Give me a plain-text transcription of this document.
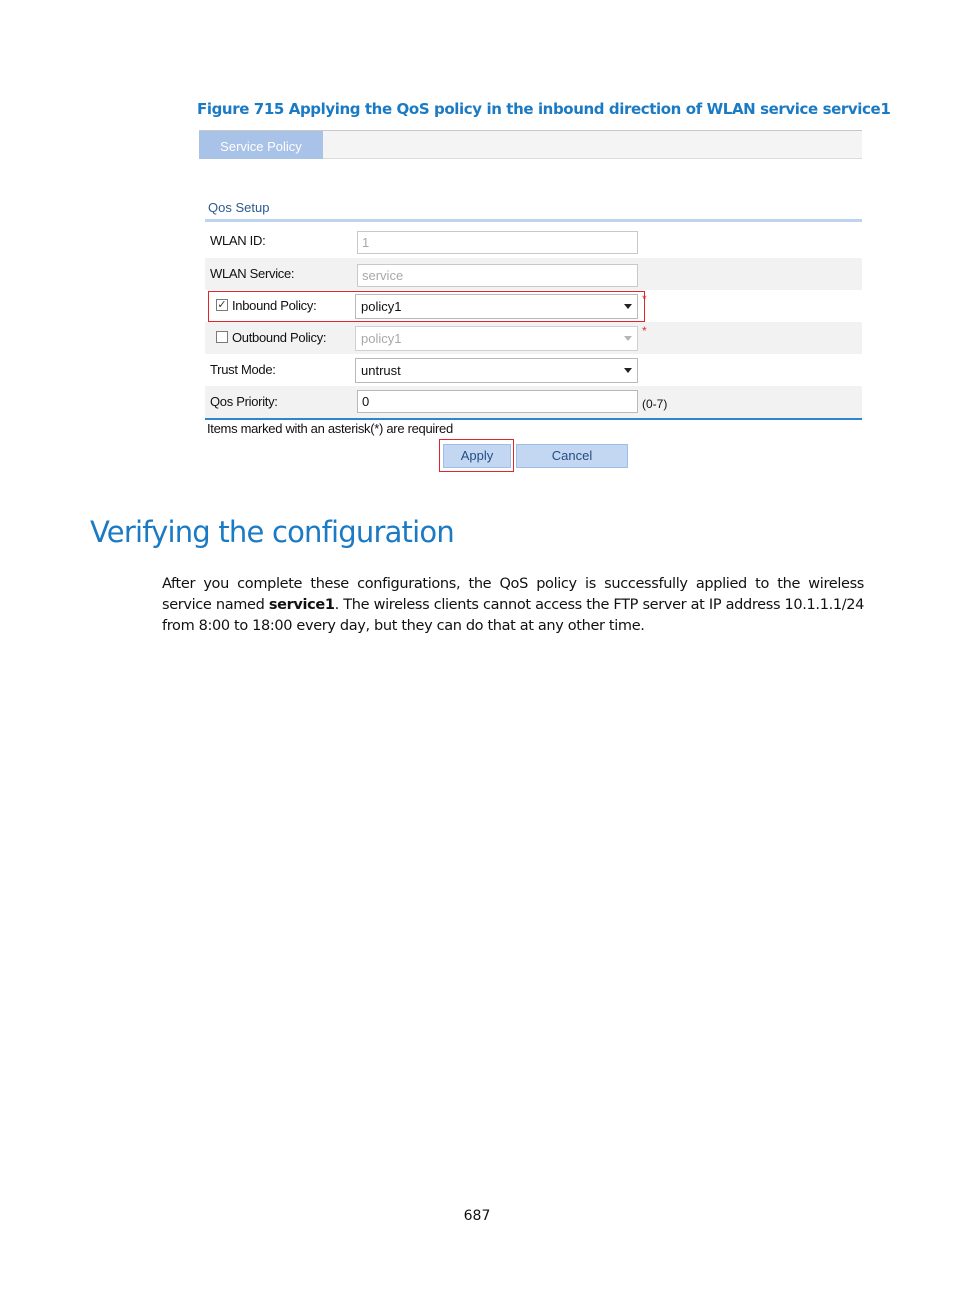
Figure 715 Applying the QoS policy in the inbound direction of WLAN service service1
Service Policy
Qos Setup
WLAN ID:	1
WLAN Service:	service
✓ Inbound Policy:	policy1	*
Outbound Policy:	policy1	*
Trust Mode:	untrust
Qos Priority:	0	(0-7)
Items marked with an asterisk(*) are required
Apply	Cancel
Verifying the configuration
After you complete these configurations, the QoS policy is successfully applied to the wireless service named service1. The wireless clients cannot access the FTP server at IP address 10.1.1.1/24 from 8:00 to 18:00 every day, but they can do that at any other time.
687
